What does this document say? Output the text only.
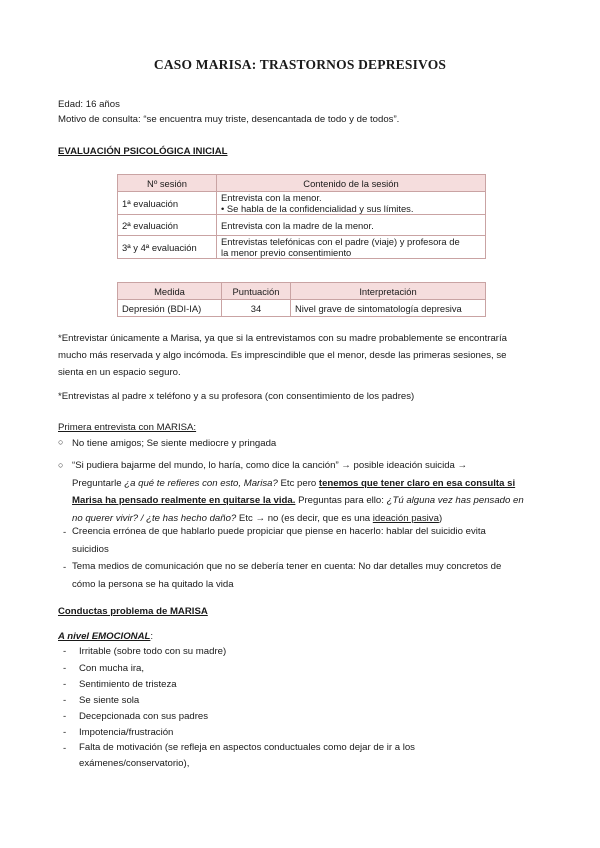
CASO MARISA: TRASTORNOS DEPRESIVOS
Edad: 16 años
Motivo de consulta: “se encuentra muy triste, desencantada de todo y de todos”.
EVALUACIÓN PSICOLÓGICA INICIAL
Nº sesión	Contenido de la sesión
1ª evaluación	Entrevista con la menor.
• Se habla de la confidencialidad y sus límites.

2ª evaluación	Entrevista con la madre de la menor.

3ª y 4ª evaluación	Entrevistas telefónicas con el padre (viaje) y profesora de
la menor previo consentimiento
Medida	Puntuación	Interpretación
Depresión (BDI-IA)	34	Nivel grave de sintomatología depresiva
*Entrevistar únicamente a Marisa, ya que si la entrevistamos con su madre probablemente se encontraría
mucho más reservada y algo incómoda. Es imprescindible que el menor, desde las primeras sesiones, se
sienta en un espacio seguro.
*Entrevistas al padre x teléfono y a su profesora (con consentimiento de los padres)
Primera entrevista con MARISA:
○ No tiene amigos; Se siente mediocre y pringada
○ “Si pudiera bajarme del mundo, lo haría, como dice la canción” → posible ideación suicida →
Preguntarle ¿a qué te refieres con esto, Marisa? Etc pero tenemos que tener claro en esa consulta si
Marisa ha pensado realmente en quitarse la vida. Preguntas para ello: ¿Tú alguna vez has pensado en
no querer vivir? / ¿te has hecho daño? Etc → no (es decir, que es una ideación pasiva)
- Creencia errónea de que hablarlo puede propiciar que piense en hacerlo: hablar del suicidio evita
suicidios
- Tema medios de comunicación que no se debería tener en cuenta: No dar detalles muy concretos de
cómo la persona se ha quitado la vida
Conductas problema de MARISA
A nivel EMOCIONAL:
- Irritable (sobre todo con su madre)
- Con mucha ira,
- Sentimiento de tristeza
- Se siente sola
- Decepcionada con sus padres
- Impotencia/frustración
- Falta de motivación (se refleja en aspectos conductuales como dejar de ir a los
exámenes/conservatorio),
